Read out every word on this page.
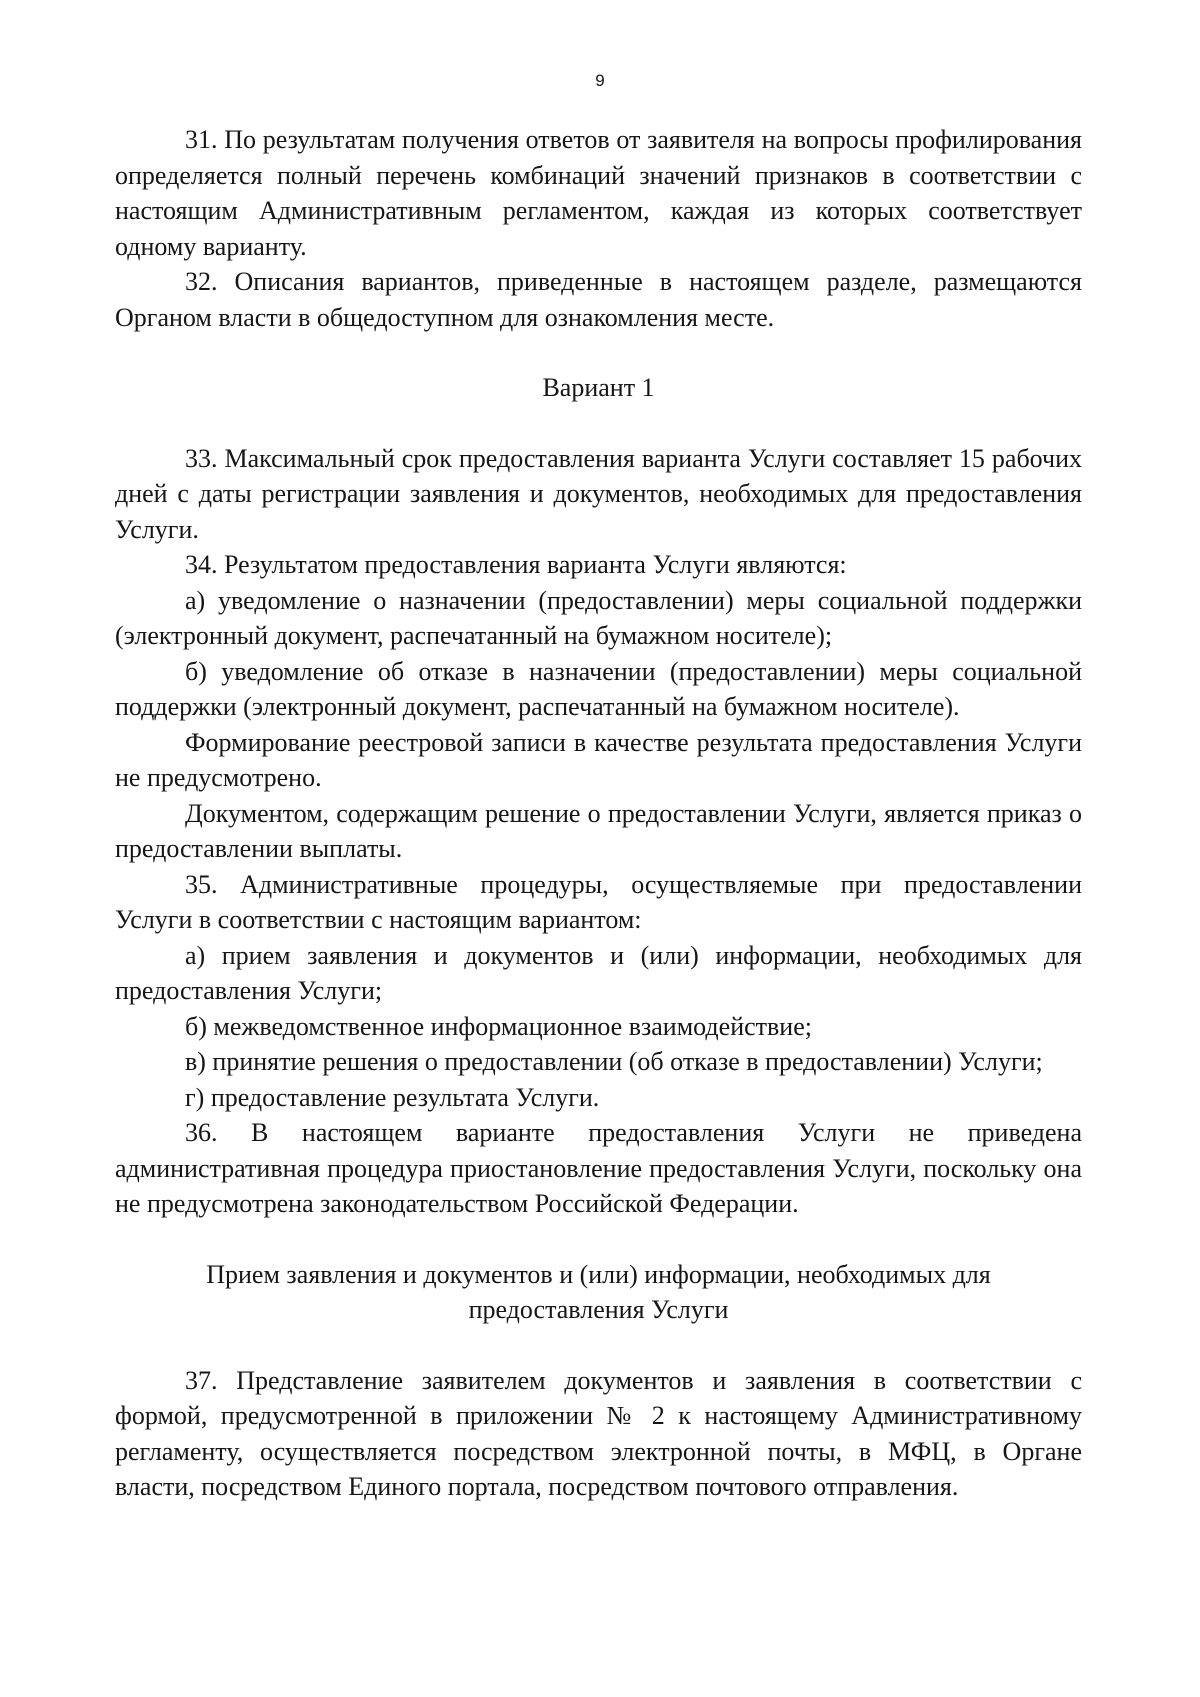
9

31. По результатам получения ответов от заявителя на вопросы профилирования определяется полный перечень комбинаций значений признаков в соответствии с настоящим Административным регламентом, каждая из которых соответствует одному варианту.

32. Описания вариантов, приведенные в настоящем разделе, размещаются Органом власти в общедоступном для ознакомления месте.

Вариант 1

33. Максимальный срок предоставления варианта Услуги составляет 15 рабочих дней с даты регистрации заявления и документов, необходимых для предоставления Услуги.

34. Результатом предоставления варианта Услуги являются:

а) уведомление о назначении (предоставлении) меры социальной поддержки (электронный документ, распечатанный на бумажном носителе);

б) уведомление об отказе в назначении (предоставлении) меры социальной поддержки (электронный документ, распечатанный на бумажном носителе).

Формирование реестровой записи в качестве результата предоставления Услуги не предусмотрено.

Документом, содержащим решение о предоставлении Услуги, является приказ о предоставлении выплаты.

35. Административные процедуры, осуществляемые при предоставлении Услуги в соответствии с настоящим вариантом:

а) прием заявления и документов и (или) информации, необходимых для предоставления Услуги;

б) межведомственное информационное взаимодействие;

в) принятие решения о предоставлении (об отказе в предоставлении) Услуги;

г) предоставление результата Услуги.

36. В настоящем варианте предоставления Услуги не приведена административная процедура приостановление предоставления Услуги, поскольку она не предусмотрена законодательством Российской Федерации.

Прием заявления и документов и (или) информации, необходимых для
предоставления Услуги

37. Представление заявителем документов и заявления в соответствии с формой, предусмотренной в приложении № 2 к настоящему Административному регламенту, осуществляется посредством электронной почты, в МФЦ, в Органе власти, посредством Единого портала, посредством почтового отправления.
